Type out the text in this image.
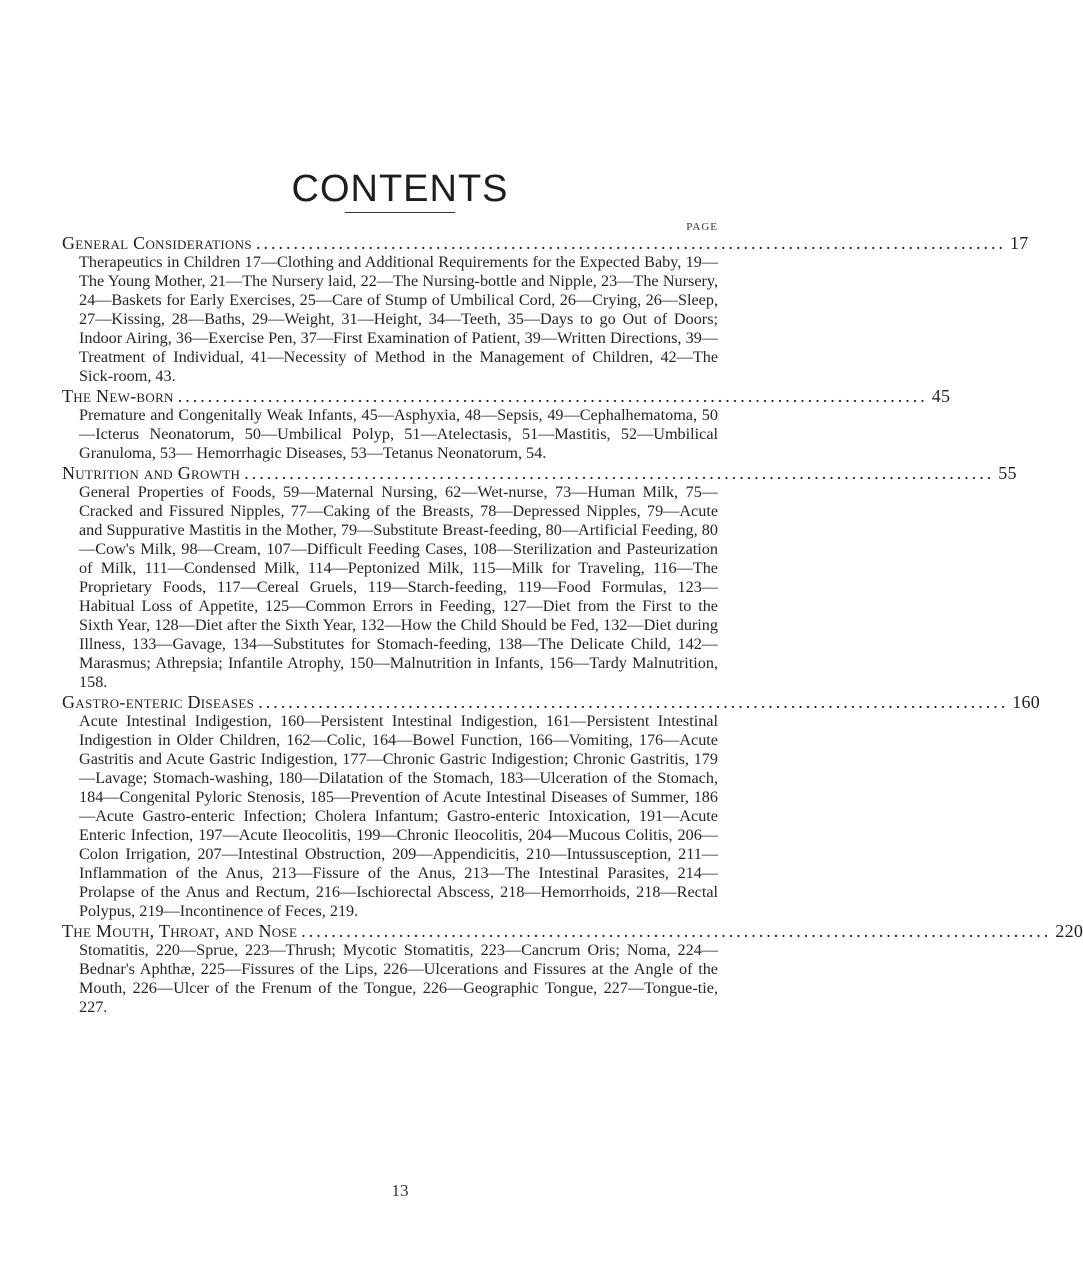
CONTENTS
PAGE
General Considerations .................................................................................................... 17

Therapeutics in Children 17—Clothing and Additional Requirements for the Expected Baby, 19—The Young Mother, 21—The Nursery laid, 22—The Nursing-bottle and Nipple, 23—The Nursery, 24—Baskets for Early Exercises, 25—Care of Stump of Umbilical Cord, 26—Crying, 26—Sleep, 27—Kissing, 28—Baths, 29—Weight, 31—Height, 34—Teeth, 35—Days to go Out of Doors; Indoor Airing, 36—Exercise Pen, 37—First Examination of Patient, 39—Written Directions, 39—Treatment of Individual, 41—Necessity of Method in the Management of Children, 42—The Sick-room, 43.

The New-born .................................................................................................... 45

Premature and Congenitally Weak Infants, 45—Asphyxia, 48—Sepsis, 49—Cephalhematoma, 50—Icterus Neonatorum, 50—Umbilical Polyp, 51—Atelectasis, 51—Mastitis, 52—Umbilical Granuloma, 53— Hemorrhagic Diseases, 53—Tetanus Neonatorum, 54.

Nutrition and Growth .................................................................................................... 55

General Properties of Foods, 59—Maternal Nursing, 62—Wet-nurse, 73—Human Milk, 75—Cracked and Fissured Nipples, 77—Caking of the Breasts, 78—Depressed Nipples, 79—Acute and Suppurative Mastitis in the Mother, 79—Substitute Breast-feeding, 80—Artificial Feeding, 80—Cow's Milk, 98—Cream, 107—Difficult Feeding Cases, 108—Sterilization and Pasteurization of Milk, 111—Condensed Milk, 114—Peptonized Milk, 115—Milk for Traveling, 116—The Proprietary Foods, 117—Cereal Gruels, 119—Starch-feeding, 119—Food Formulas, 123—Habitual Loss of Appetite, 125—Common Errors in Feeding, 127—Diet from the First to the Sixth Year, 128—Diet after the Sixth Year, 132—How the Child Should be Fed, 132—Diet during Illness, 133—Gavage, 134—Substitutes for Stomach-feeding, 138—The Delicate Child, 142—Marasmus; Athrepsia; Infantile Atrophy, 150—Malnutrition in Infants, 156—Tardy Malnutrition, 158.

Gastro-enteric Diseases .................................................................................................... 160

Acute Intestinal Indigestion, 160—Persistent Intestinal Indigestion, 161—Persistent Intestinal Indigestion in Older Children, 162—Colic, 164—Bowel Function, 166—Vomiting, 176—Acute Gastritis and Acute Gastric Indigestion, 177—Chronic Gastric Indigestion; Chronic Gastritis, 179—Lavage; Stomach-washing, 180—Dilatation of the Stomach, 183—Ulceration of the Stomach, 184—Congenital Pyloric Stenosis, 185—Prevention of Acute Intestinal Diseases of Summer, 186—Acute Gastro-enteric Infection; Cholera Infantum; Gastro-enteric Intoxication, 191—Acute Enteric Infection, 197—Acute Ileocolitis, 199—Chronic Ileocolitis, 204—Mucous Colitis, 206—Colon Irrigation, 207—Intestinal Obstruction, 209—Appendicitis, 210—Intussusception, 211—Inflammation of the Anus, 213—Fissure of the Anus, 213—The Intestinal Parasites, 214—Prolapse of the Anus and Rectum, 216—Ischiorectal Abscess, 218—Hemorrhoids, 218—Rectal Polypus, 219—Incontinence of Feces, 219.

The Mouth, Throat, and Nose .................................................................................................... 220

Stomatitis, 220—Sprue, 223—Thrush; Mycotic Stomatitis, 223—Cancrum Oris; Noma, 224—Bednar's Aphthæ, 225—Fissures of the Lips, 226—Ulcerations and Fissures at the Angle of the Mouth, 226—Ulcer of the Frenum of the Tongue, 226—Geographic Tongue, 227—Tongue-tie, 227.

13
